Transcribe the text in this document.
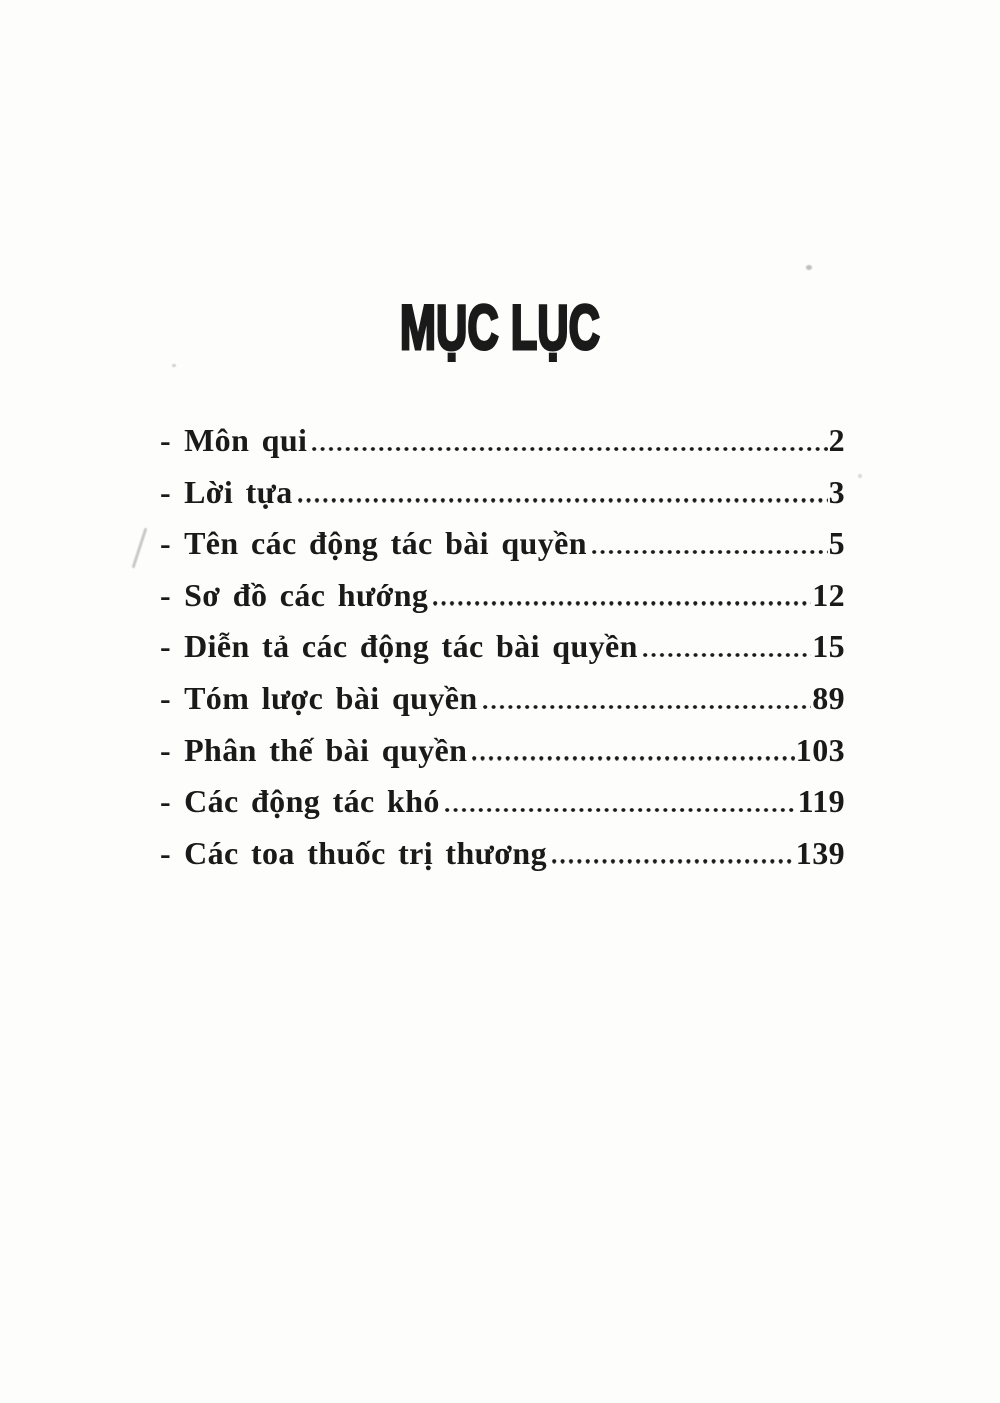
MỤC LỤC
- Môn qui	2
- Lời tựa	3
- Tên các động tác bài quyền	5
- Sơ đồ các hướng	12
- Diễn tả các động tác bài quyền	15
- Tóm lược bài quyền	89
- Phân thế bài quyền	103
- Các động tác khó	119
- Các toa thuốc trị thương	139
